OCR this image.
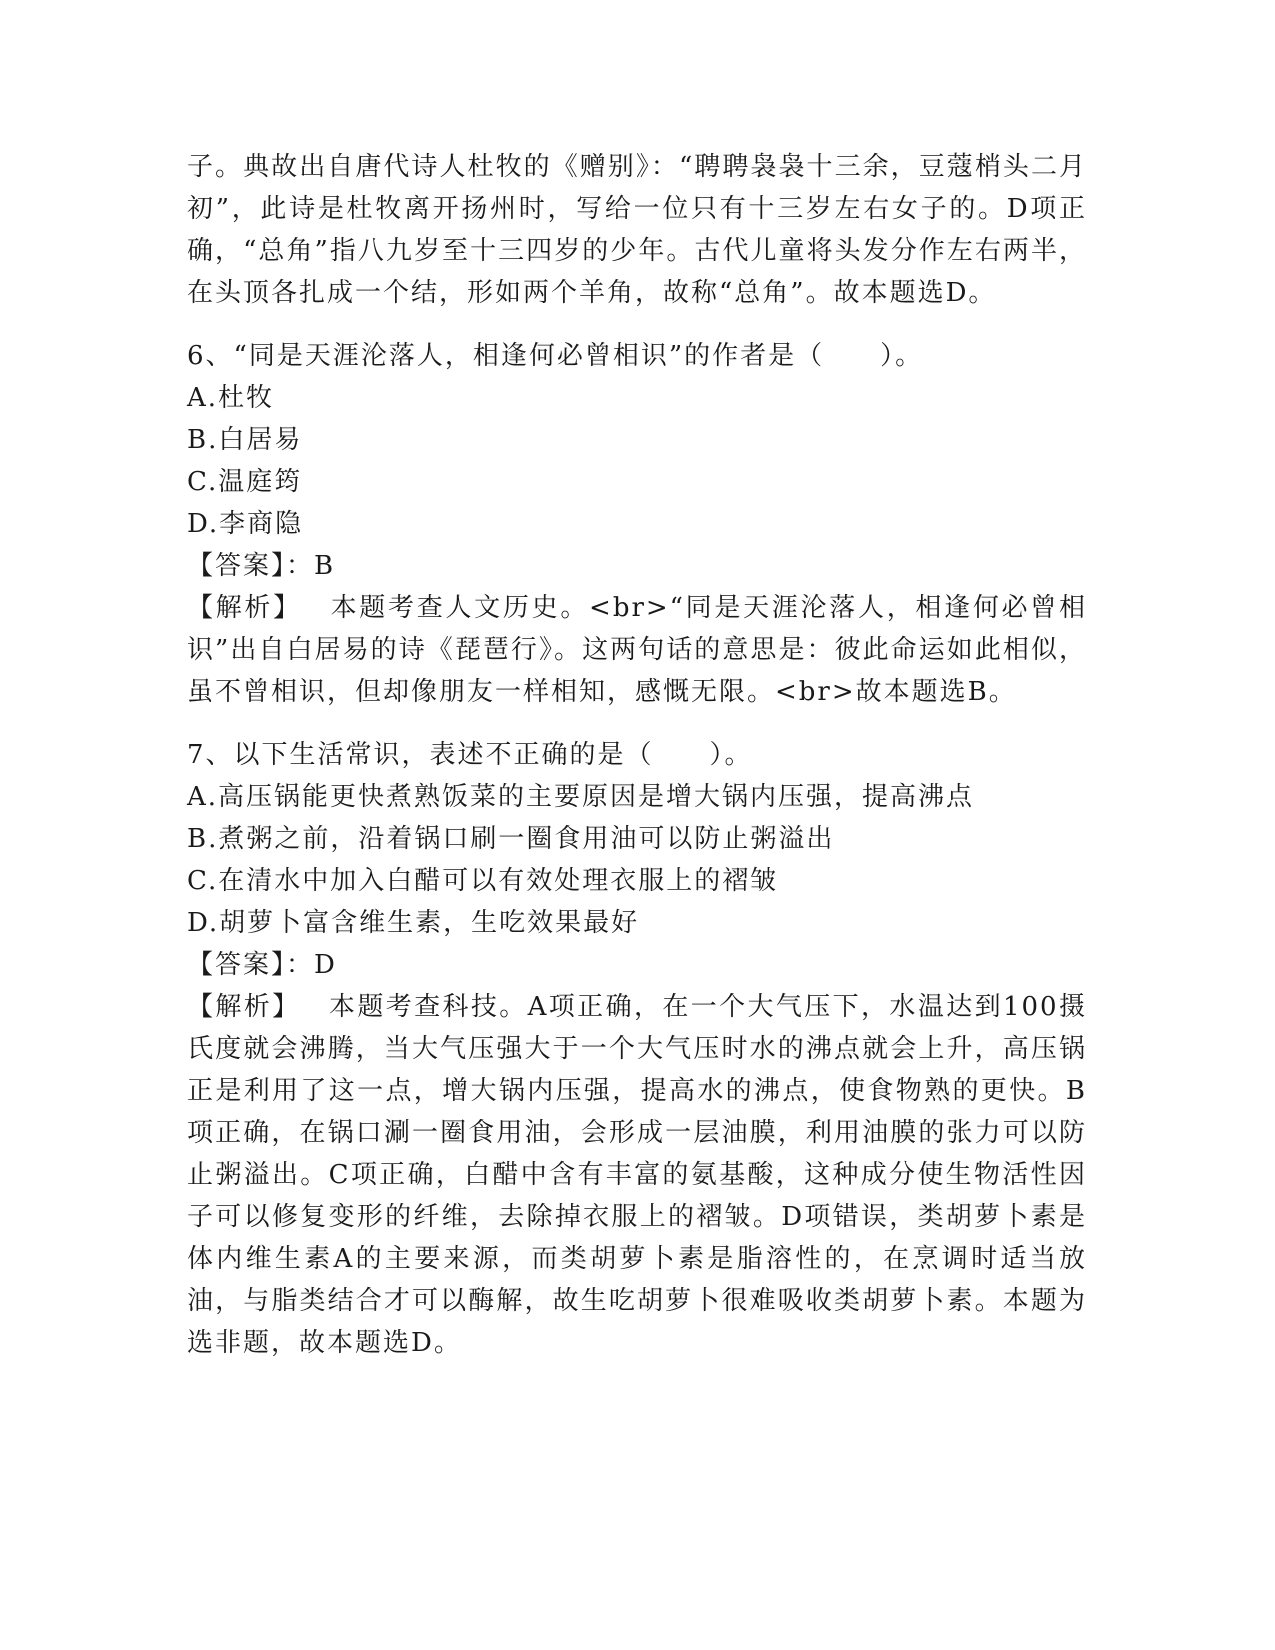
子。典故出自唐代诗人杜牧的《赠别》：“聘聘袅袅十三余，豆蔻梢头二月初”，此诗是杜牧离开扬州时，写给一位只有十三岁左右女子的。D项正确，“总角”指八九岁至十三四岁的少年。古代儿童将头发分作左右两半，在头顶各扎成一个结，形如两个羊角，故称“总角”。故本题选D。

6、“同是天涯沦落人，相逢何必曾相识”的作者是（　　）。

A.杜牧

B.白居易

C.温庭筠

D.李商隐

【答案】：B

【解析】 本题考查人文历史。<br>“同是天涯沦落人，相逢何必曾相识”出自白居易的诗《琵琶行》。这两句话的意思是：彼此命运如此相似，虽不曾相识，但却像朋友一样相知，感慨无限。<br>故本题选B。

7、以下生活常识，表述不正确的是（　　）。

A.高压锅能更快煮熟饭菜的主要原因是增大锅内压强，提高沸点

B.煮粥之前，沿着锅口刷一圈食用油可以防止粥溢出

C.在清水中加入白醋可以有效处理衣服上的褶皱

D.胡萝卜富含维生素，生吃效果最好

【答案】：D

【解析】 本题考查科技。A项正确，在一个大气压下，水温达到100摄氏度就会沸腾，当大气压强大于一个大气压时水的沸点就会上升，高压锅正是利用了这一点，增大锅内压强，提高水的沸点，使食物熟的更快。B项正确，在锅口涮一圈食用油，会形成一层油膜，利用油膜的张力可以防止粥溢出。C项正确，白醋中含有丰富的氨基酸，这种成分使生物活性因子可以修复变形的纤维，去除掉衣服上的褶皱。D项错误，类胡萝卜素是体内维生素A的主要来源，而类胡萝卜素是脂溶性的，在烹调时适当放油，与脂类结合才可以酶解，故生吃胡萝卜很难吸收类胡萝卜素。本题为选非题，故本题选D。
